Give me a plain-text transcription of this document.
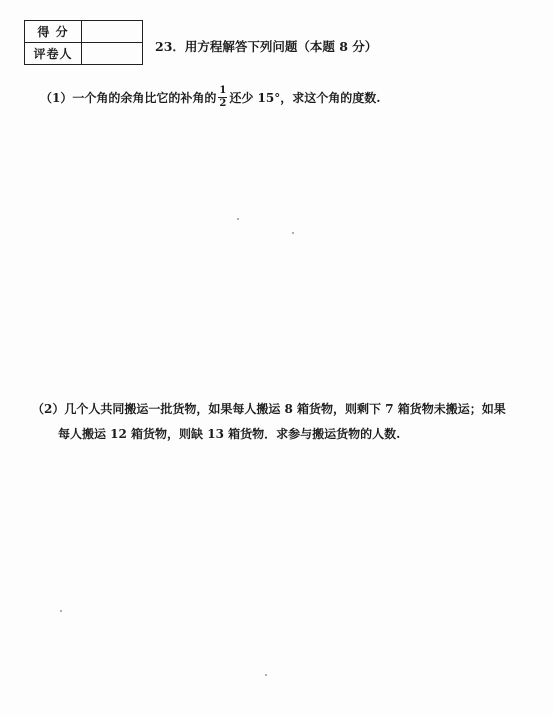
得 分	
评卷人		23．用方程解答下列问题（本题 8 分）
（1）一个角的余角比它的补角的 $\frac{1}{2}$ 还少 15°，求这个角的度数.
（2）几个人共同搬运一批货物，如果每人搬运 8 箱货物，则剩下 7 箱货物未搬运；如果
每人搬运 12 箱货物，则缺 13 箱货物．求参与搬运货物的人数.
